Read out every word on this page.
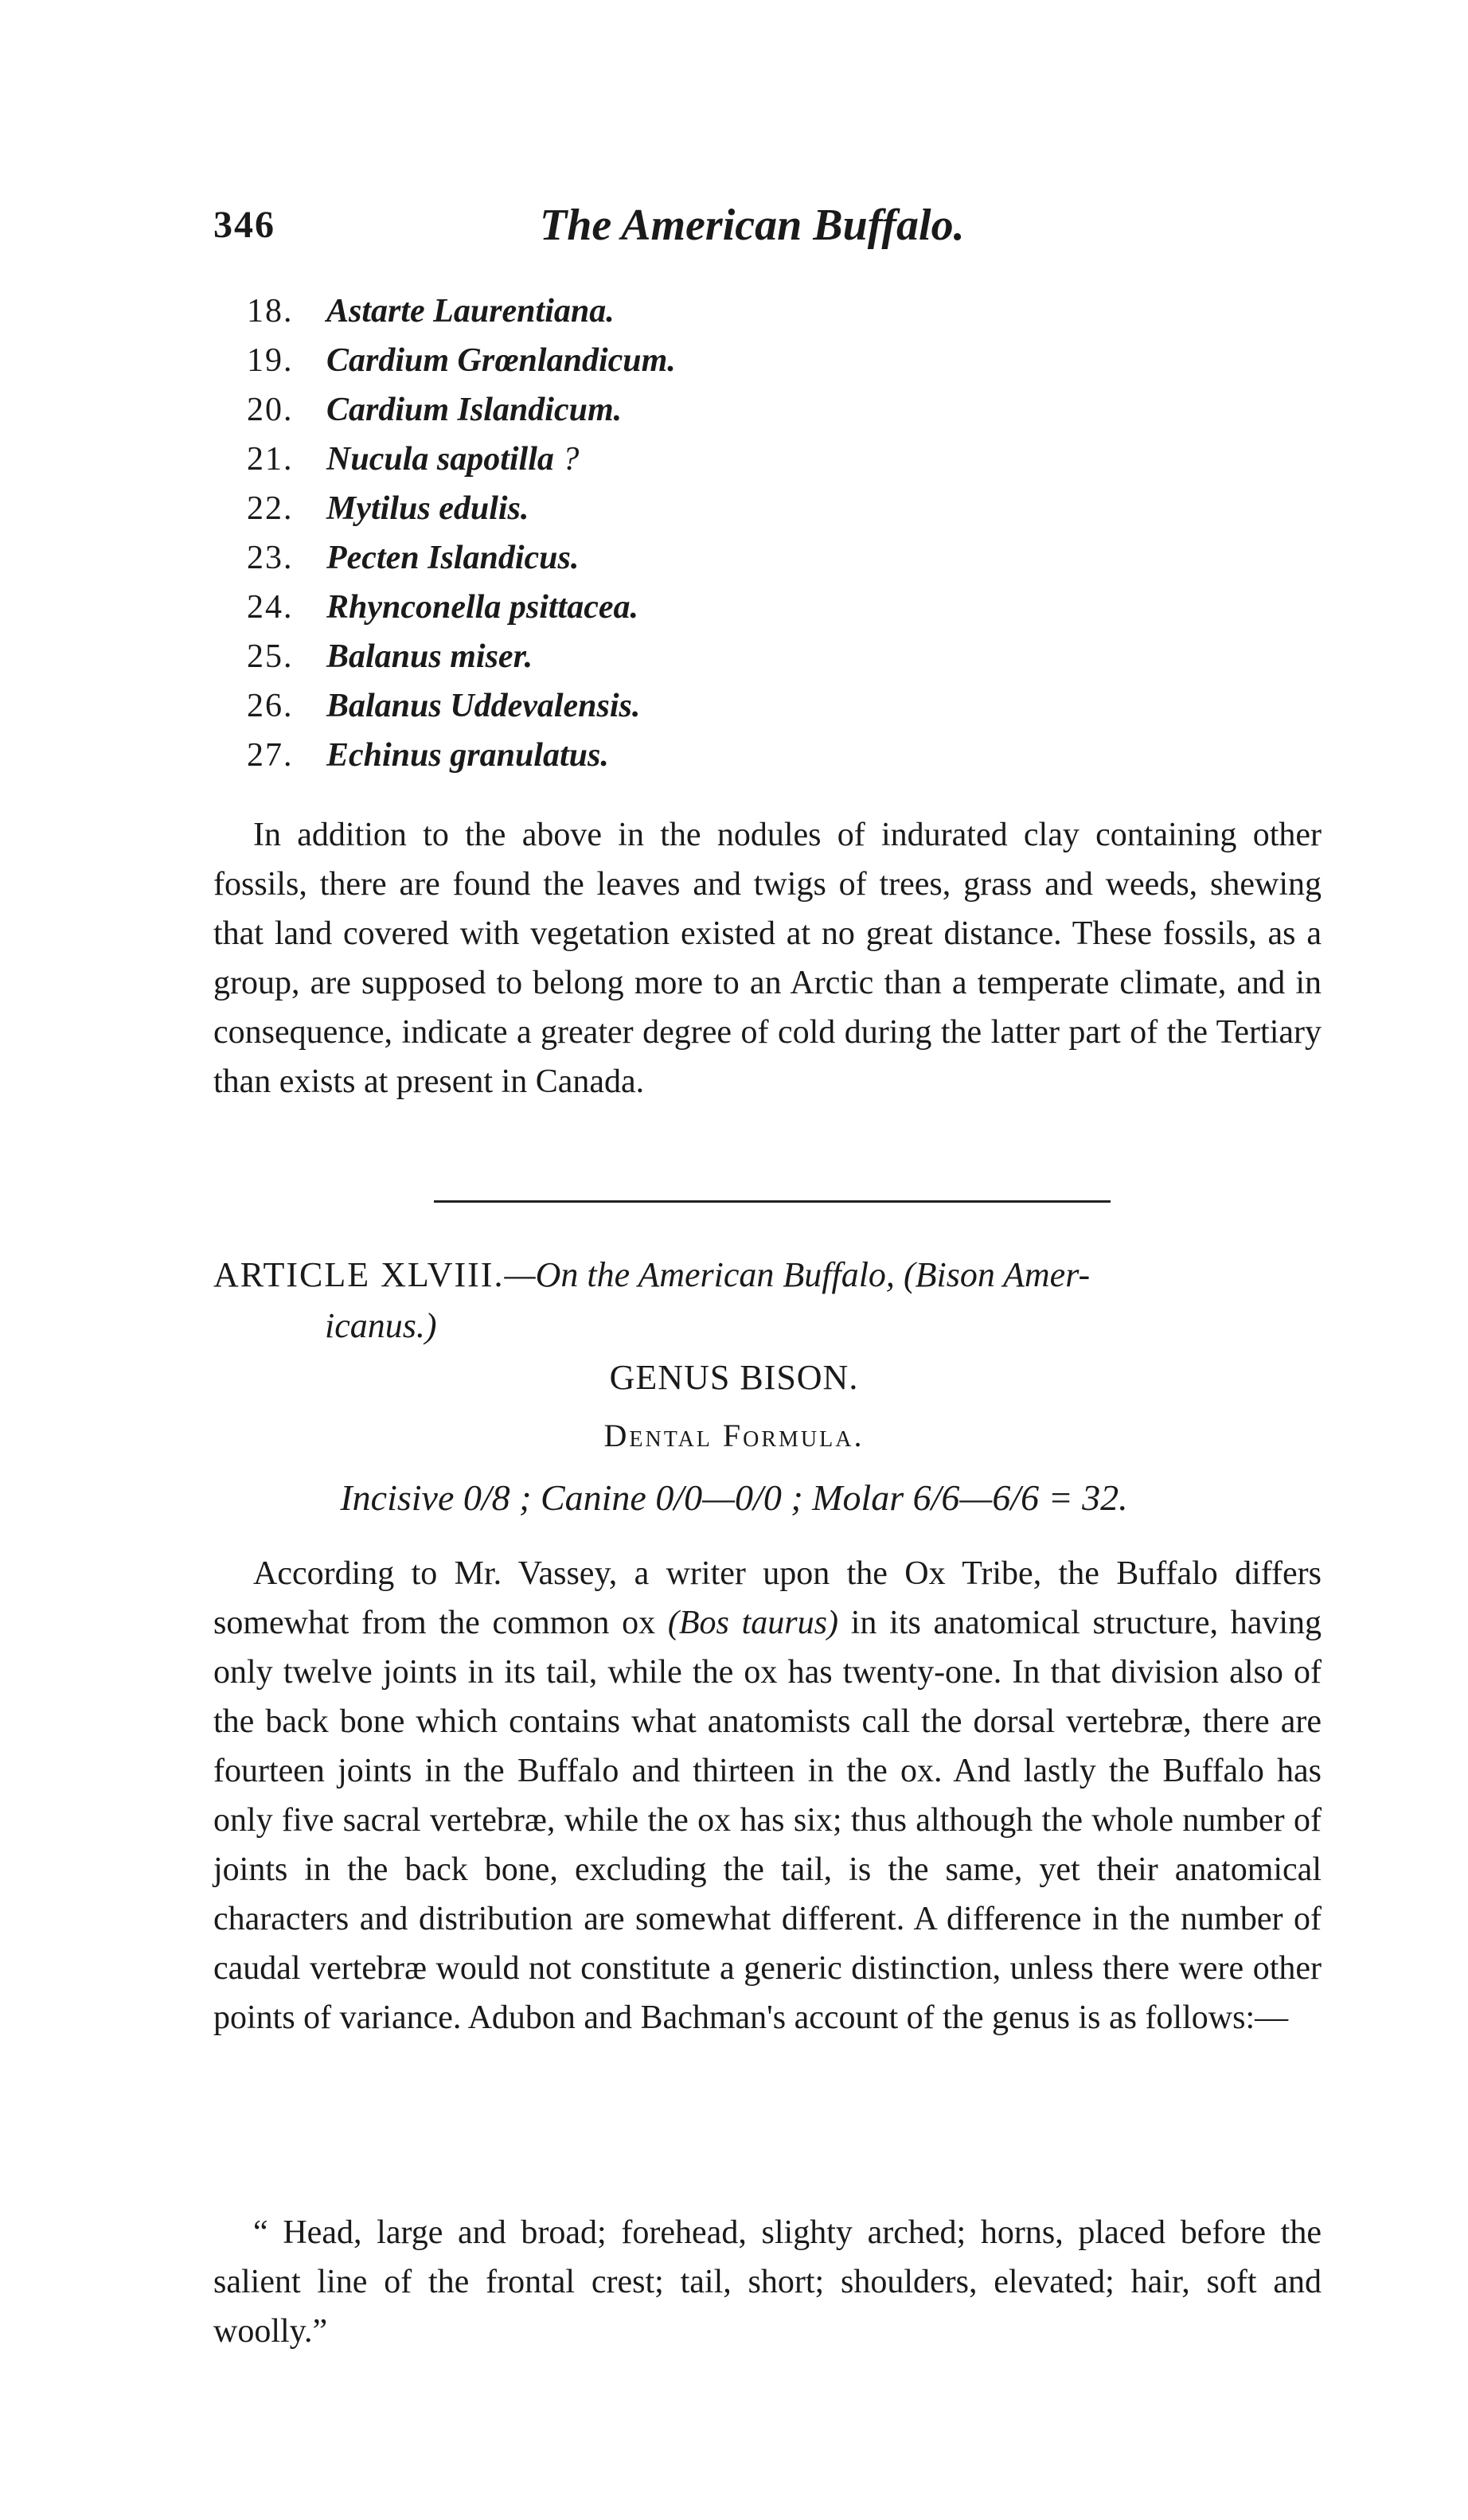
346	The American Buffalo.
18. Astarte Laurentiana.
19. Cardium Grœnlandicum.
20. Cardium Islandicum.
21. Nucula sapotilla ?
22. Mytilus edulis.
23. Pecten Islandicus.
24. Rhynconella psittacea.
25. Balanus miser.
26. Balanus Uddevalensis.
27. Echinus granulatus.

In addition to the above in the nodules of indurated clay containing other fossils, there are found the leaves and twigs of trees, grass and weeds, shewing that land covered with vegetation existed at no great distance. These fossils, as a group, are supposed to belong more to an Arctic than a temperate climate, and in consequence, indicate a greater degree of cold during the latter part of the Tertiary than exists at present in Canada.

ARTICLE XLVIII.—On the American Buffalo, (Bison Amer-
icanus.)

GENUS BISON.
Dental Formula.
Incisive 0/8 ; Canine 0/0—0/0 ; Molar 6/6—6/6 = 32.

According to Mr. Vassey, a writer upon the Ox Tribe, the Buffalo differs somewhat from the common ox (Bos taurus) in its anatomical structure, having only twelve joints in its tail, while the ox has twenty-one. In that division also of the back bone which contains what anatomists call the dorsal vertebræ, there are fourteen joints in the Buffalo and thirteen in the ox. And lastly the Buffalo has only five sacral vertebræ, while the ox has six; thus although the whole number of joints in the back bone, excluding the tail, is the same, yet their anatomical characters and distribution are somewhat different. A difference in the number of caudal vertebræ would not constitute a generic distinction, unless there were other points of variance. Adubon and Bachman's account of the genus is as follows:—

“ Head, large and broad; forehead, slighty arched; horns, placed before the salient line of the frontal crest; tail, short; shoulders, elevated; hair, soft and woolly.”
